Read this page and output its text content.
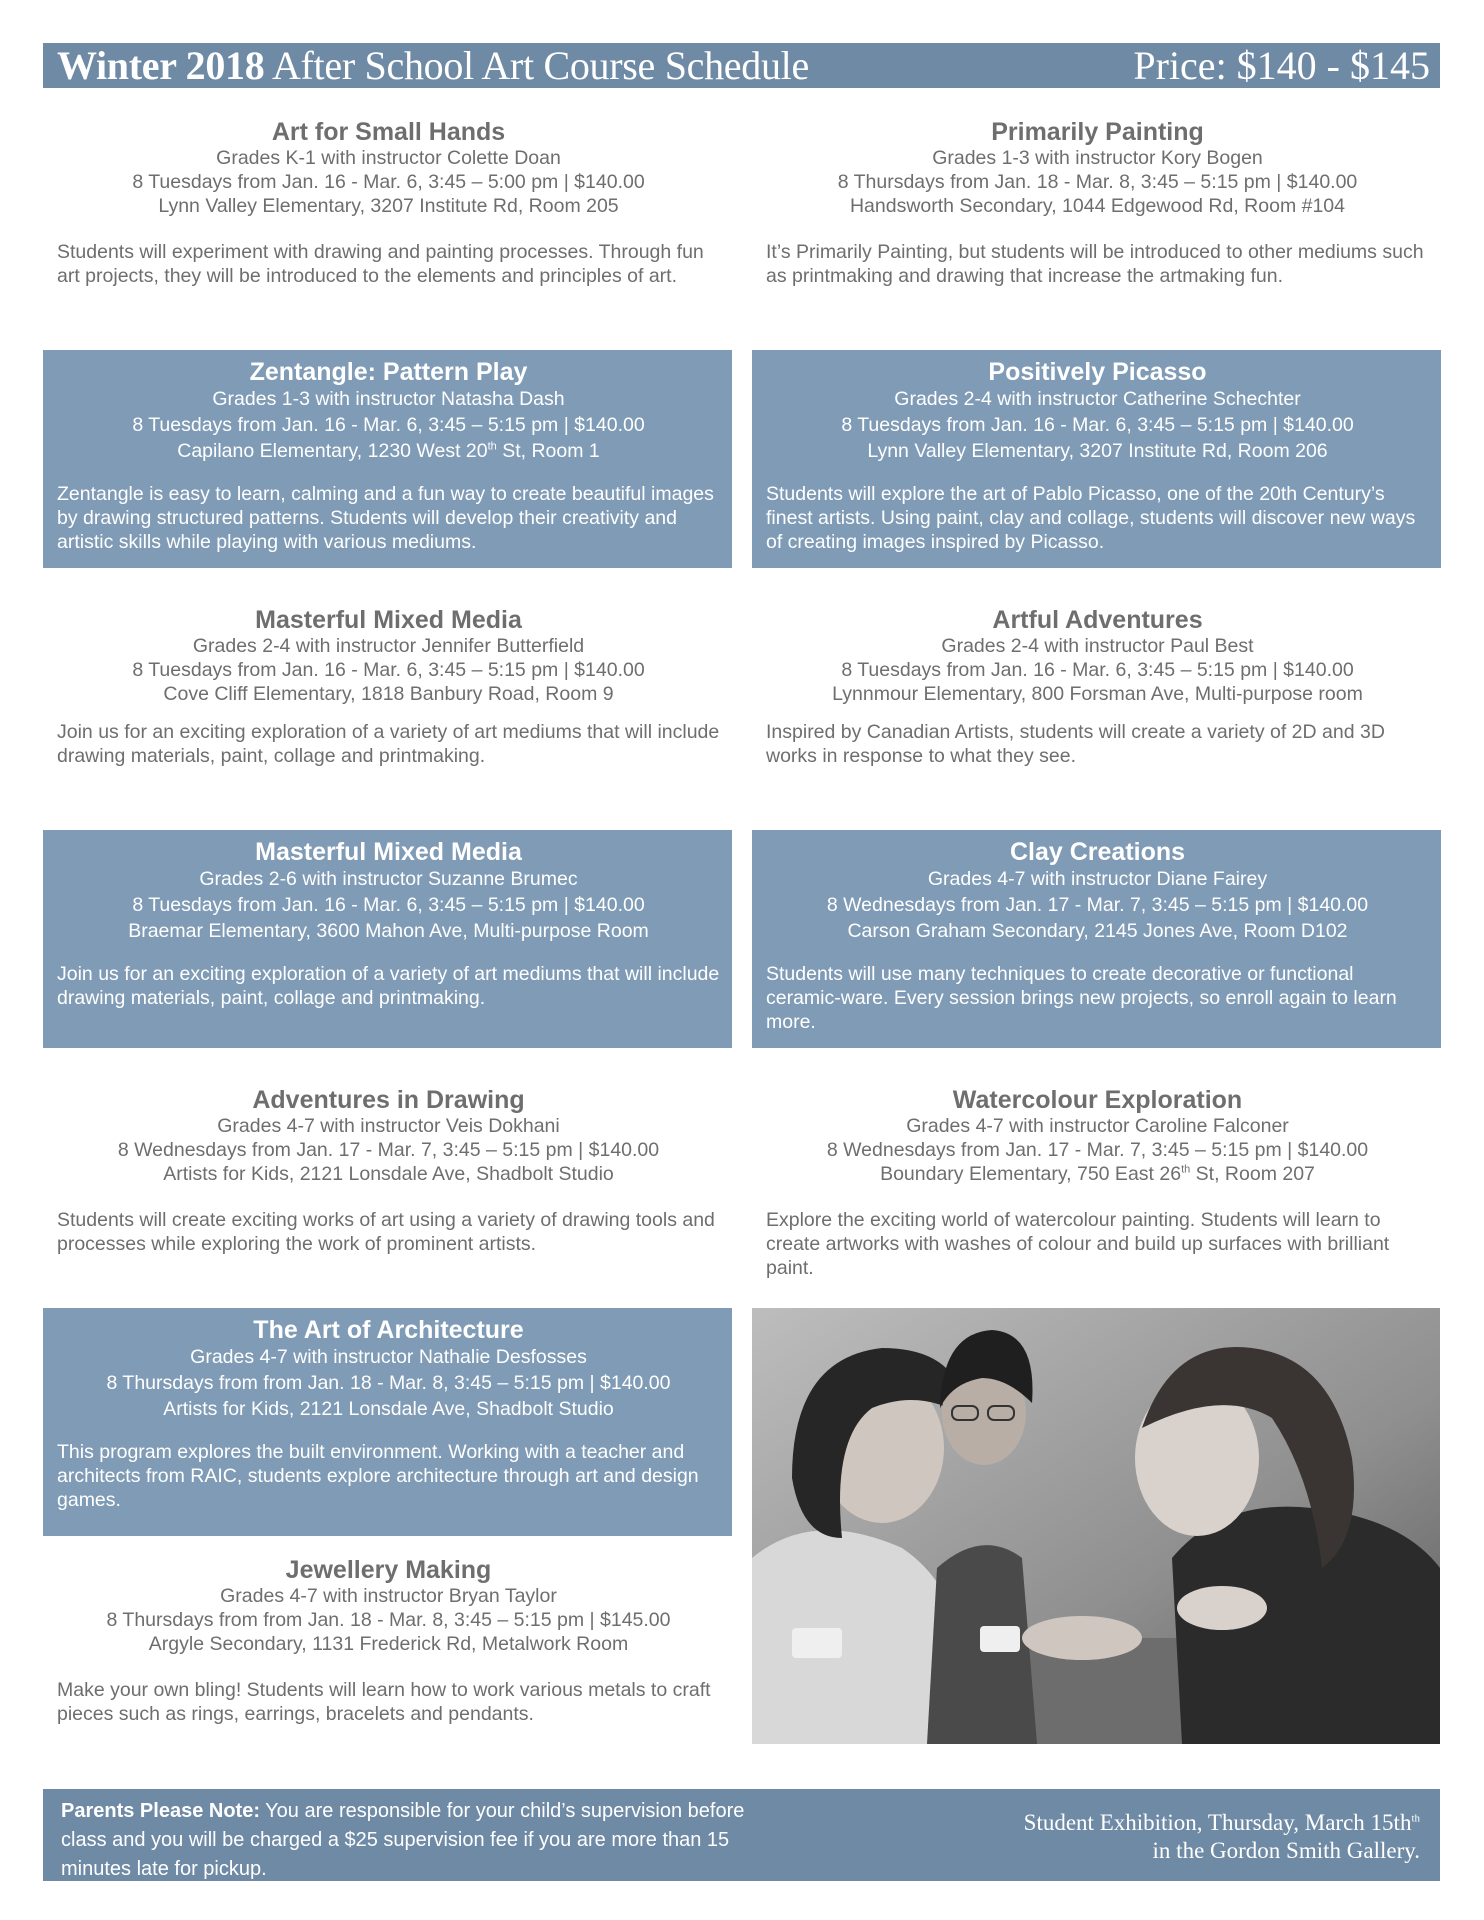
Winter 2018 After School Art Course Schedule	Price: $140 - $145
Art for Small Hands
Grades K-1 with instructor Colette Doan
8 Tuesdays from Jan. 16 - Mar. 6, 3:45 – 5:00 pm | $140.00
Lynn Valley Elementary, 3207 Institute Rd, Room 205
Students will experiment with drawing and painting processes. Through fun art projects, they will be introduced to the elements and principles of art.
Primarily Painting
Grades 1-3 with instructor Kory Bogen
8 Thursdays from Jan. 18 - Mar. 8, 3:45 – 5:15 pm | $140.00
Handsworth Secondary, 1044 Edgewood Rd, Room #104
It’s Primarily Painting, but students will be introduced to other mediums such as printmaking and drawing that increase the artmaking fun.
Zentangle: Pattern Play
Grades 1-3 with instructor Natasha Dash
8 Tuesdays from Jan. 16 - Mar. 6, 3:45 – 5:15 pm | $140.00
Capilano Elementary, 1230 West 20th St, Room 1
Zentangle is easy to learn, calming and a fun way to create beautiful images by drawing structured patterns. Students will develop their creativity and artistic skills while playing with various mediums.
Positively Picasso
Grades 2-4 with instructor Catherine Schechter
8 Tuesdays from Jan. 16 - Mar. 6, 3:45 – 5:15 pm | $140.00
Lynn Valley Elementary, 3207 Institute Rd, Room 206
Students will explore the art of Pablo Picasso, one of the 20th Century’s finest artists. Using paint, clay and collage, students will discover new ways of creating images inspired by Picasso.
Masterful Mixed Media
Grades 2-4 with instructor Jennifer Butterfield
8 Tuesdays from Jan. 16 - Mar. 6, 3:45 – 5:15 pm | $140.00
Cove Cliff Elementary, 1818 Banbury Road, Room 9
Join us for an exciting exploration of a variety of art mediums that will include drawing materials, paint, collage and printmaking.
Artful Adventures
Grades 2-4 with instructor Paul Best
8 Tuesdays from Jan. 16 - Mar. 6, 3:45 – 5:15 pm | $140.00
Lynnmour Elementary, 800 Forsman Ave, Multi-purpose room
Inspired by Canadian Artists, students will create a variety of 2D and 3D works in response to what they see.
Masterful Mixed Media
Grades 2-6 with instructor Suzanne Brumec
8 Tuesdays from Jan. 16 - Mar. 6, 3:45 – 5:15 pm | $140.00
Braemar Elementary, 3600 Mahon Ave, Multi-purpose Room
Join us for an exciting exploration of a variety of art mediums that will include drawing materials, paint, collage and printmaking.
Clay Creations
Grades 4-7 with instructor Diane Fairey
8 Wednesdays from Jan. 17 - Mar. 7, 3:45 – 5:15 pm | $140.00
Carson Graham Secondary, 2145 Jones Ave, Room D102
Students will use many techniques to create decorative or functional ceramic-ware. Every session brings new projects, so enroll again to learn more.
Adventures in Drawing
Grades 4-7 with instructor Veis Dokhani
8 Wednesdays from Jan. 17 - Mar. 7, 3:45 – 5:15 pm | $140.00
Artists for Kids, 2121 Lonsdale Ave, Shadbolt Studio
Students will create exciting works of art using a variety of drawing tools and processes while exploring the work of prominent artists.
Watercolour Exploration
Grades 4-7 with instructor Caroline Falconer
8 Wednesdays from Jan. 17 - Mar. 7, 3:45 – 5:15 pm | $140.00
Boundary Elementary, 750 East 26th St, Room 207
Explore the exciting world of watercolour painting. Students will learn to create artworks with washes of colour and build up surfaces with brilliant paint.
The Art of Architecture
Grades 4-7 with instructor Nathalie Desfosses
8 Thursdays from from Jan. 18 - Mar. 8, 3:45 – 5:15 pm | $140.00
Artists for Kids, 2121 Lonsdale Ave, Shadbolt Studio
This program explores the built environment. Working with a teacher and architects from RAIC, students explore architecture through art and design games.
Jewellery Making
Grades 4-7 with instructor Bryan Taylor
8 Thursdays from from Jan. 18 - Mar. 8, 3:45 – 5:15 pm | $145.00
Argyle Secondary, 1131 Frederick Rd, Metalwork Room
Make your own bling! Students will learn how to work various metals to craft pieces such as rings, earrings, bracelets and pendants.
Parents Please Note: You are responsible for your child’s supervision before class and you will be charged a $25 supervision fee if you are more than 15 minutes late for pickup.
Student Exhibition, Thursday, March $15th^{th}$
in the Gordon Smith Gallery.
